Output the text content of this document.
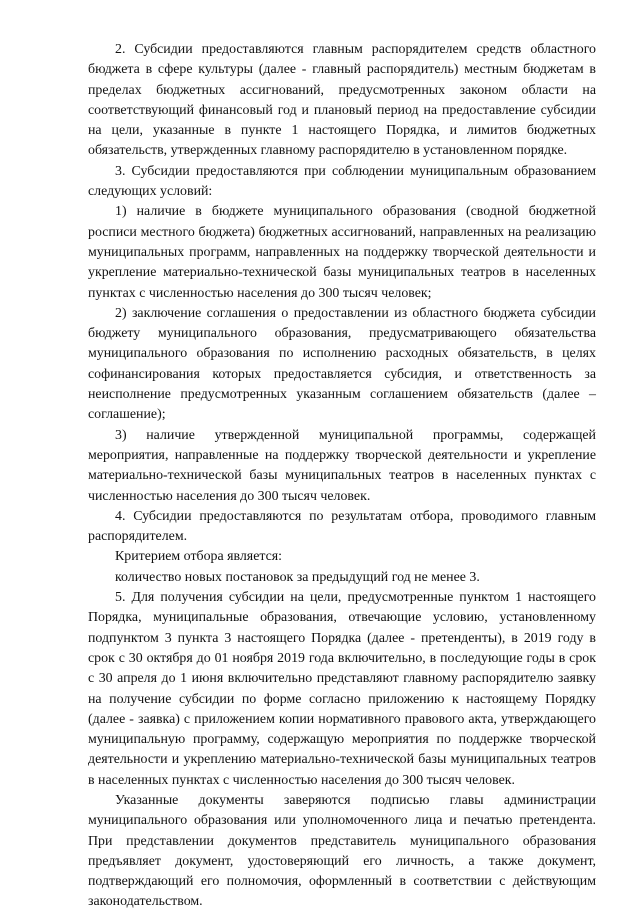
2. Субсидии предоставляются главным распорядителем средств областного бюджета в сфере культуры (далее - главный распорядитель) местным бюджетам в пределах бюджетных ассигнований, предусмотренных законом области на соответствующий финансовый год и плановый период на предоставление субсидии на цели, указанные в пункте 1 настоящего Порядка, и лимитов бюджетных обязательств, утвержденных главному распорядителю в установленном порядке.

3. Субсидии предоставляются при соблюдении муниципальным образованием следующих условий:

1) наличие в бюджете муниципального образования (сводной бюджетной росписи местного бюджета) бюджетных ассигнований, направленных на реализацию муниципальных программ, направленных на поддержку творческой деятельности и укрепление материально-технической базы муниципальных театров в населенных пунктах с численностью населения до 300 тысяч человек;

2) заключение соглашения о предоставлении из областного бюджета субсидии бюджету муниципального образования, предусматривающего обязательства муниципального образования по исполнению расходных обязательств, в целях софинансирования которых предоставляется субсидия, и ответственность за неисполнение предусмотренных указанным соглашением обязательств (далее – соглашение);

3) наличие утвержденной муниципальной программы, содержащей мероприятия, направленные на поддержку творческой деятельности и укрепление материально-технической базы муниципальных театров в населенных пунктах с численностью населения до 300 тысяч человек.

4. Субсидии предоставляются по результатам отбора, проводимого главным распорядителем.

Критерием отбора является:

количество новых постановок за предыдущий год не менее 3.

5. Для получения субсидии на цели, предусмотренные пунктом 1 настоящего Порядка, муниципальные образования, отвечающие условию, установленному подпунктом 3 пункта 3 настоящего Порядка (далее - претенденты), в 2019 году в срок с 30 октября до 01 ноября 2019 года включительно, в последующие годы в срок с 30 апреля до 1 июня включительно представляют главному распорядителю заявку на получение субсидии по форме согласно приложению к настоящему Порядку (далее - заявка) с приложением копии нормативного правового акта, утверждающего муниципальную программу, содержащую мероприятия по поддержке творческой деятельности и укреплению материально-технической базы муниципальных театров в населенных пунктах с численностью населения до 300 тысяч человек.

Указанные документы заверяются подписью главы администрации муниципального образования или уполномоченного лица и печатью претендента. При представлении документов представитель муниципального образования предъявляет документ, удостоверяющий его личность, а также документ, подтверждающий его полномочия, оформленный в соответствии с действующим законодательством.
